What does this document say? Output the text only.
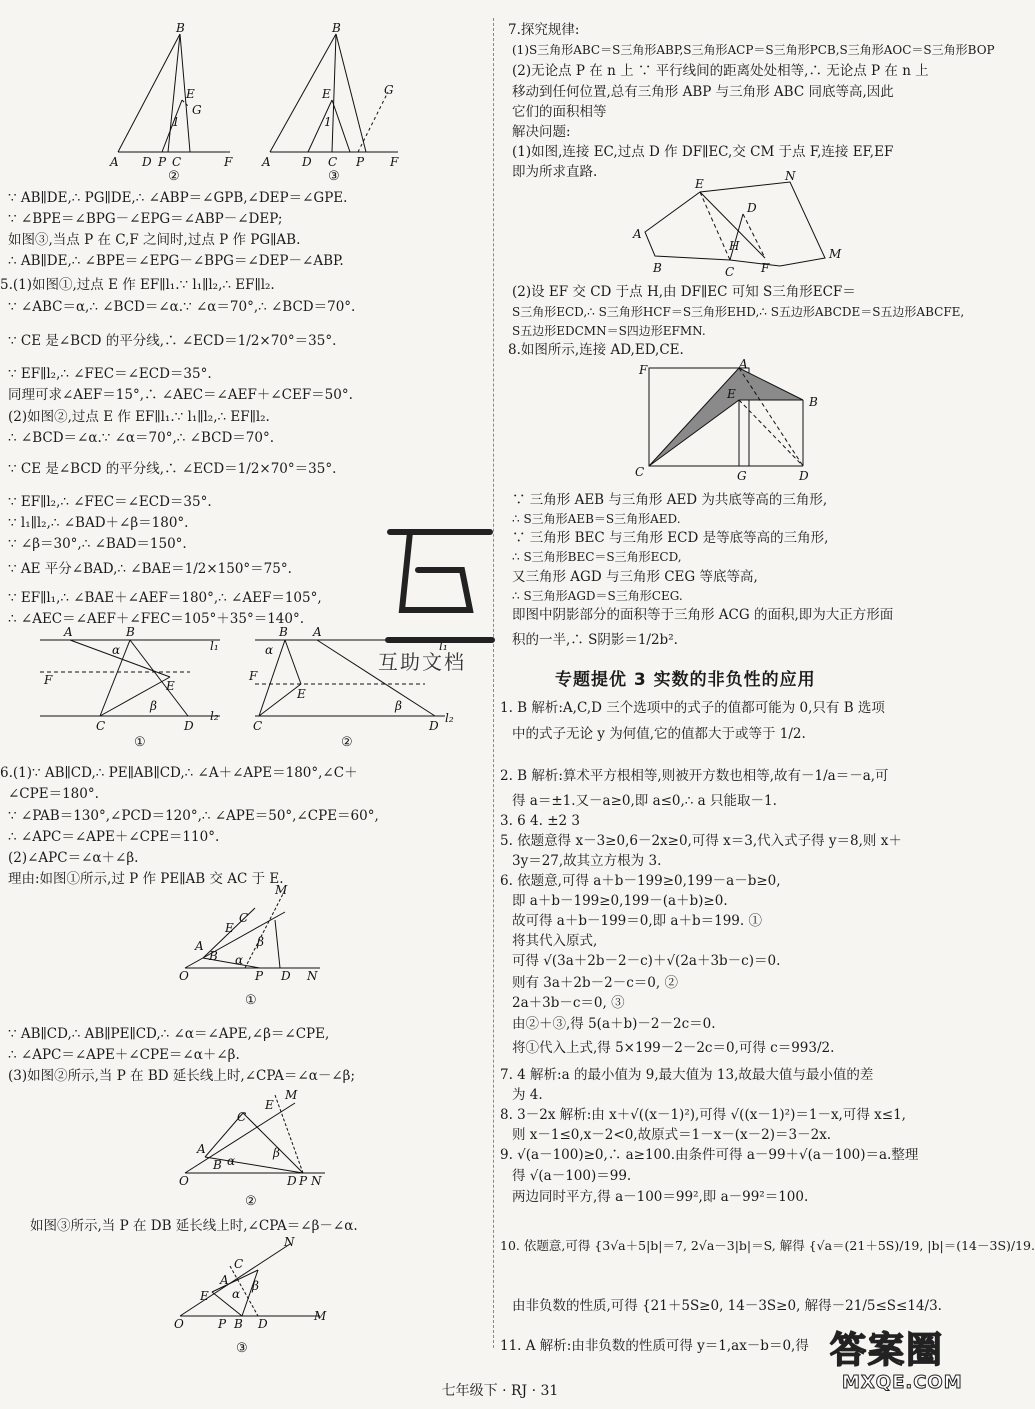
B
E
G
1
A D P C	F
②
B
G
E
1
A	D C P F
③
∵ AB∥DE,∴ PG∥DE,∴ ∠ABP＝∠GPB,∠DEP＝∠GPE.
∵ ∠BPE＝∠BPG－∠EPG＝∠ABP－∠DEP;
如图③,当点 P 在 C,F 之间时,过点 P 作 PG∥AB.
∴ AB∥DE,∴ ∠BPE＝∠EPG－∠BPG＝∠DEP－∠ABP.
5.(1)如图①,过点 E 作 EF∥l₁.∵ l₁∥l₂,∴ EF∥l₂.
∵ ∠ABC＝α,∴ ∠BCD＝∠α.∵ ∠α＝70°,∴ ∠BCD＝70°.
∵ CE 是∠BCD 的平分线,∴ ∠ECD＝1/2×70°＝35°.
∵ EF∥l₂,∴ ∠FEC＝∠ECD＝35°.
同理可求∠AEF＝15°,∴ ∠AEC＝∠AEF＋∠CEF＝50°.
(2)如图②,过点 E 作 EF∥l₁.∵ l₁∥l₂,∴ EF∥l₂.
∴ ∠BCD＝∠α.∵ ∠α＝70°,∴ ∠BCD＝70°.
∵ CE 是∠BCD 的平分线,∴ ∠ECD＝1/2×70°＝35°.
∵ EF∥l₂,∴ ∠FEC＝∠ECD＝35°.
∵ l₁∥l₂,∴ ∠BAD＋∠β＝180°.
∵ ∠β＝30°,∴ ∠BAD＝150°.
∵ AE 平分∠BAD,∴ ∠BAE＝1/2×150°＝75°.
∵ EF∥l₁,∴ ∠BAE＋∠AEF＝180°,∴ ∠AEF＝105°,
∴ ∠AEC＝∠AEF＋∠FEC＝105°＋35°＝140°.
A	B
α	l₁
F	E
β
C	D
l₂
①
B A
α	l₁
F
E
β
C	D
l₂
②
6.(1)∵ AB∥CD,∴ PE∥AB∥CD,∴ ∠A＋∠APE＝180°,∠C＋
∠CPE＝180°.
∵ ∠PAB＝130°,∠PCD＝120°,∴ ∠APE＝50°,∠CPE＝60°,
∴ ∠APC＝∠APE＋∠CPE＝110°.
(2)∠APC＝∠α＋∠β.
理由:如图①所示,过 P 作 PE∥AB 交 AC 于 E.
M
C
E
A
B α
β
O	P D N
①
∵ AB∥CD,∴ AB∥PE∥CD,∴ ∠α＝∠APE,∠β＝∠CPE,
∴ ∠APC＝∠APE＋∠CPE＝∠α＋∠β.
(3)如图②所示,当 P 在 BD 延长线上时,∠CPA＝∠α－∠β;
M
E
C
A
B α
β
O	D P N
②
如图③所示,当 P 在 DB 延长线上时,∠CPA＝∠β－∠α.
N
C
A
E α
β
O	P B D
M
③
7.探究规律:
(1)S三角形ABC＝S三角形ABP,S三角形ACP＝S三角形PCB,S三角形AOC＝S三角形BOP
(2)无论点 P 在 n 上 ∵ 平行线间的距离处处相等,∴ 无论点 P 在 n 上
移动到任何位置,总有三角形 ABP 与三角形 ABC 同底等高,因此
它们的面积相等
解决问题:
(1)如图,连接 EC,过点 D 作 DF∥EC,交 CM 于点 F,连接 EF,EF
即为所求直路.	N
E
D
A
H
M
B	C F
(2)设 EF 交 CD 于点 H,由 DF∥EC 可知 S三角形ECF＝
S三角形ECD,∴ S三角形HCF＝S三角形EHD,∴ S五边形ABCDE＝S五边形ABCFE,
S五边形EDCMN＝S四边形EFMN.
8.如图所示,连接 AD,ED,CE.
F	A
E
B
C	G	D
∵ 三角形 AEB 与三角形 AED 为共底等高的三角形,
∴ S三角形AEB＝S三角形AED.
∵ 三角形 BEC 与三角形 ECD 是等底等高的三角形,
∴ S三角形BEC＝S三角形ECD,
又三角形 AGD 与三角形 CEG 等底等高,
∴ S三角形AGD＝S三角形CEG.
即图中阴影部分的面积等于三角形 ACG 的面积,即为大正方形面
积的一半,∴ S阴影＝1/2b².
1. B 解析:A,C,D 三个选项中的式子的值都可能为 0,只有 B 选项
中的式子无论 y 为何值,它的值都大于或等于 1/2.
2. B 解析:算术平方根相等,则被开方数也相等,故有－1/a＝－a,可
得 a＝±1.又－a≥0,即 a≤0,∴ a 只能取－1.
3. 6 4. ±2 3
5. 依题意得 x－3≥0,6－2x≥0,可得 x＝3,代入式子得 y＝8,则 x＋
3y＝27,故其立方根为 3.
6. 依题意,可得 a＋b－199≥0,199－a－b≥0,
即 a＋b－199≥0,199－(a＋b)≥0.
故可得 a＋b－199＝0,即 a＋b＝199. ①
将其代入原式,
可得 √(3a＋2b－2－c)＋√(2a＋3b－c)＝0.
则有 3a＋2b－2－c＝0, ②
2a＋3b－c＝0, ③
由②＋③,得 5(a＋b)－2－2c＝0.
将①代入上式,得 5×199－2－2c＝0,可得 c＝993/2.
7. 4 解析:a 的最小值为 9,最大值为 13,故最大值与最小值的差
为 4.
8. 3－2x 解析:由 x＋√((x－1)²),可得 √((x－1)²)＝1－x,可得 x≤1,
则 x－1≤0,x－2<0,故原式＝1－x－(x－2)＝3－2x.
9. √(a－100)≥0,∴ a≥100.由条件可得 a－99＋√(a－100)＝a.整理
得 √(a－100)＝99.
两边同时平方,得 a－100＝99²,即 a－99²＝100.
10. 依题意,可得 {3√a＋5|b|＝7, 2√a－3|b|＝S, 解得 {√a＝(21＋5S)/19, |b|＝(14－3S)/19.
由非负数的性质,可得 {21＋5S≥0, 14－3S≥0, 解得－21/5≤S≤14/3.
11. A 解析:由非负数的性质可得 y＝1,ax－b＝0,得
专题提优 3 实数的非负性的应用
互助文档
七年级下 · RJ · 31
答案圈
MXQE.COM
